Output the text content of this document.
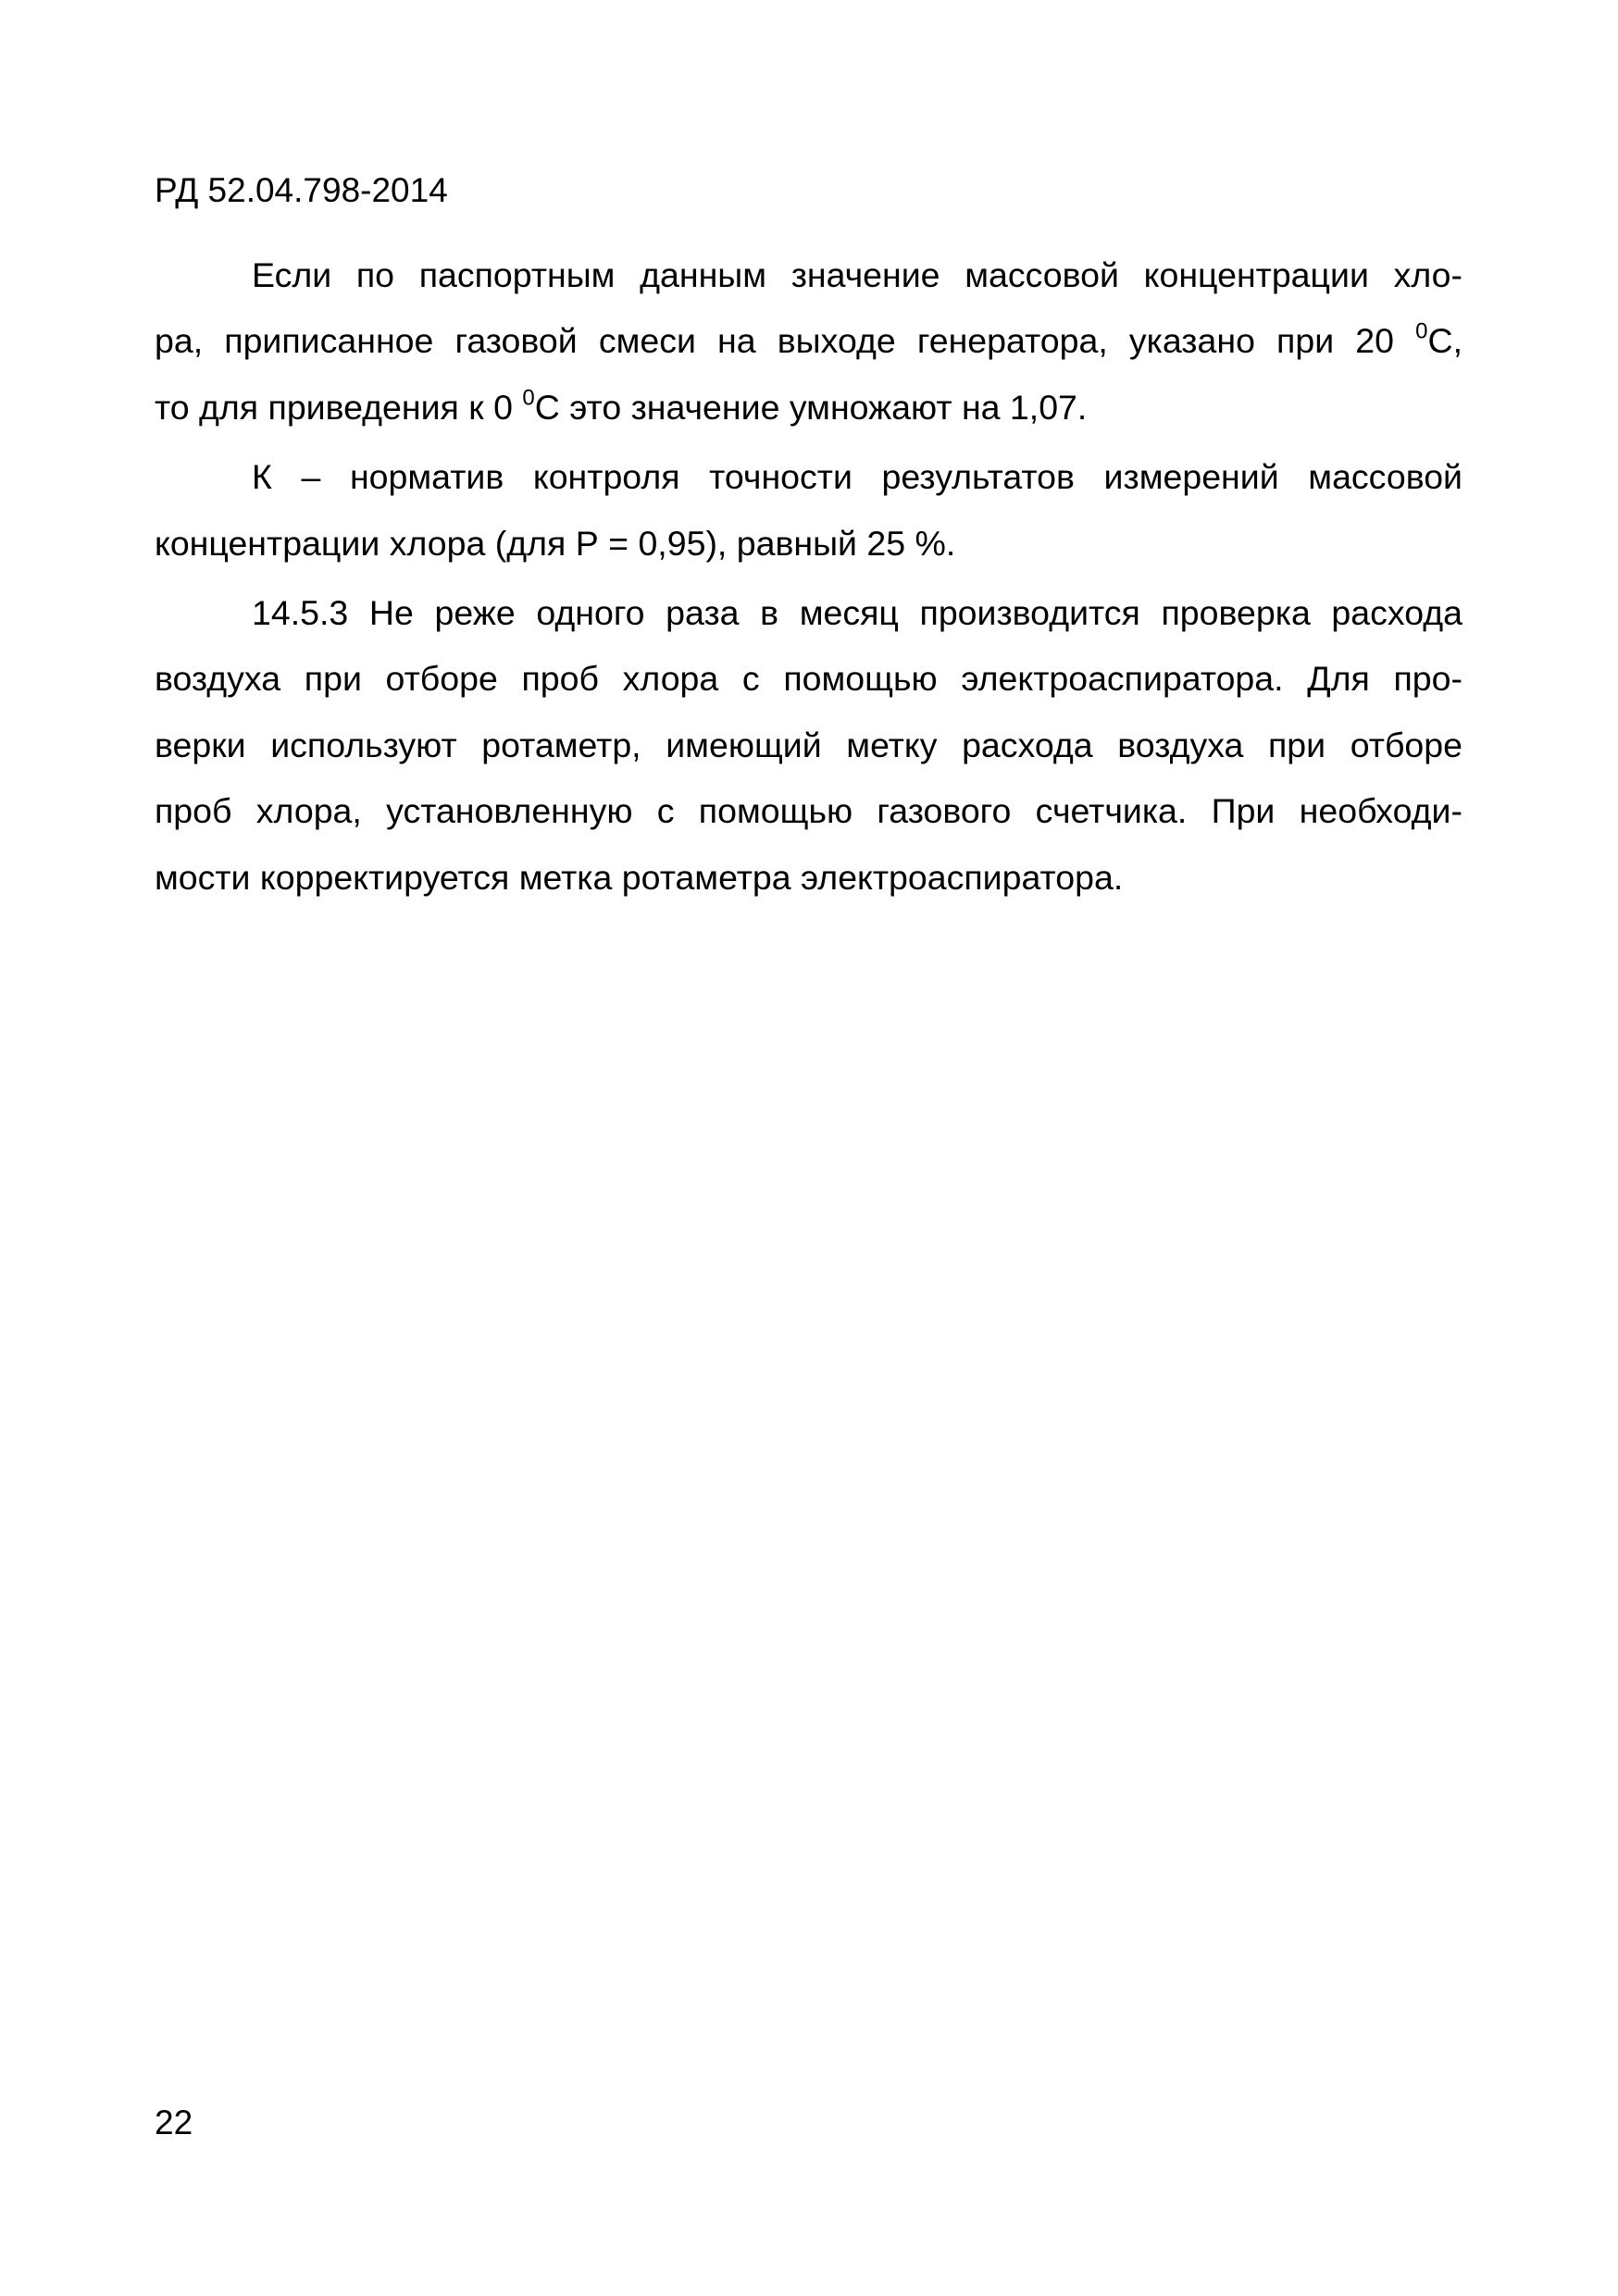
РД 52.04.798-2014
Если по паспортным данным значение массовой концентрации хло-
ра, приписанное газовой смеси на выходе генератора, указано при 20 $^0$С,
то для приведения к 0 $^0$С это значение умножают на 1,07.
К – норматив контроля точности результатов измерений массовой
концентрации хлора (для Р = 0,95), равный 25 %.
14.5.3 Не реже одного раза в месяц производится проверка расхода
воздуха при отборе проб хлора с помощью электроаспиратора. Для про-
верки используют ротаметр, имеющий метку расхода воздуха при отборе
проб хлора, установленную с помощью газового счетчика. При необходи-
мости корректируется метка ротаметра электроаспиратора.
22
